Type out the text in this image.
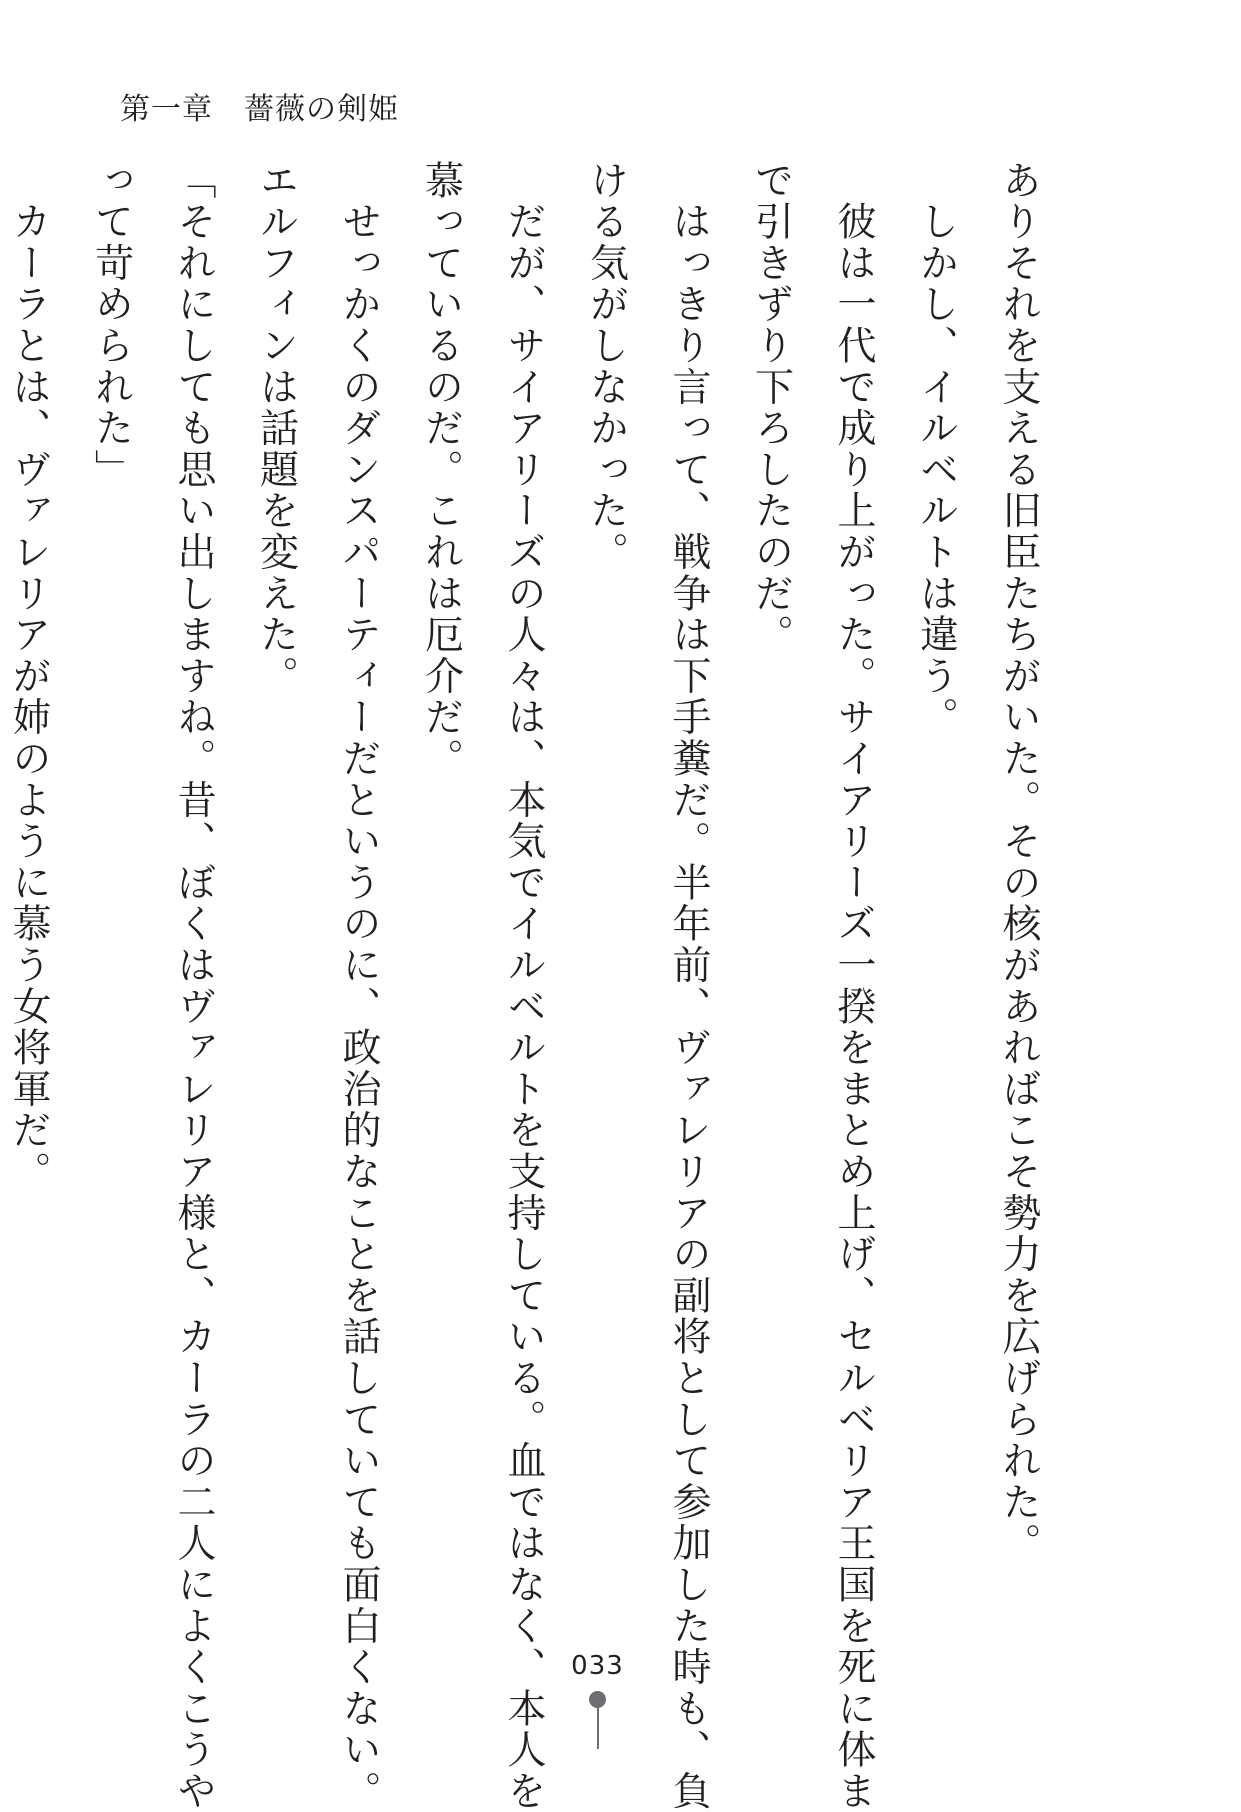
第一章　薔薇の剣姫

ありそれを支える旧臣たちがいた。その核があればこそ勢力を広げられた。

　しかし、イルベルトは違う。

　彼は一代で成り上がった。サイアリーズ一揆をまとめ上げ、セルベリア王国を死に体ま

で引きずり下ろしたのだ。

　はっきり言って、戦争は下手糞だ。半年前、ヴァレリアの副将として参加した時も、負

ける気がしなかった。

　だが、サイアリーズの人々は、本気でイルベルトを支持している。血ではなく、本人を

慕っているのだ。これは厄介だ。

　せっかくのダンスパーティーだというのに、政治的なことを話していても面白くない。

エルフィンは話題を変えた。

「それにしても思い出しますね。昔、ぼくはヴァレリア様と、カーラの二人によくこうや

って苛められた」

　カーラとは、ヴァレリアが姉のように慕う女将軍だ。

033
